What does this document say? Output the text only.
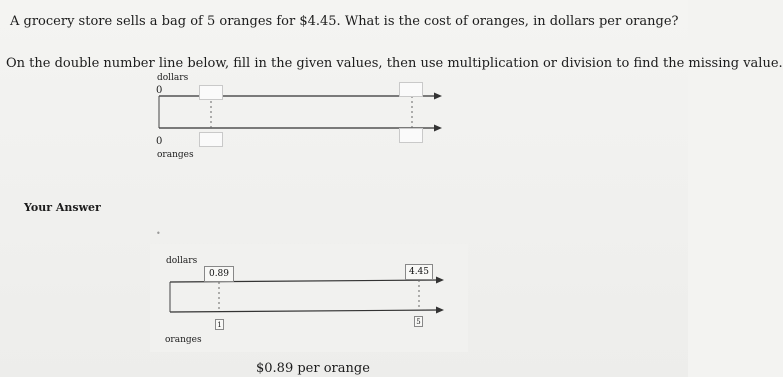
A grocery store sells a bag of 5 oranges for $4.45. What is the cost of oranges, in dollars per orange?
On the double number line below, fill in the given values, then use multiplication or division to find the missing value.
dollars
0
0
oranges
Your Answer
•
dollars
oranges
0.89	4.45
1	5
$0.89 per orange
